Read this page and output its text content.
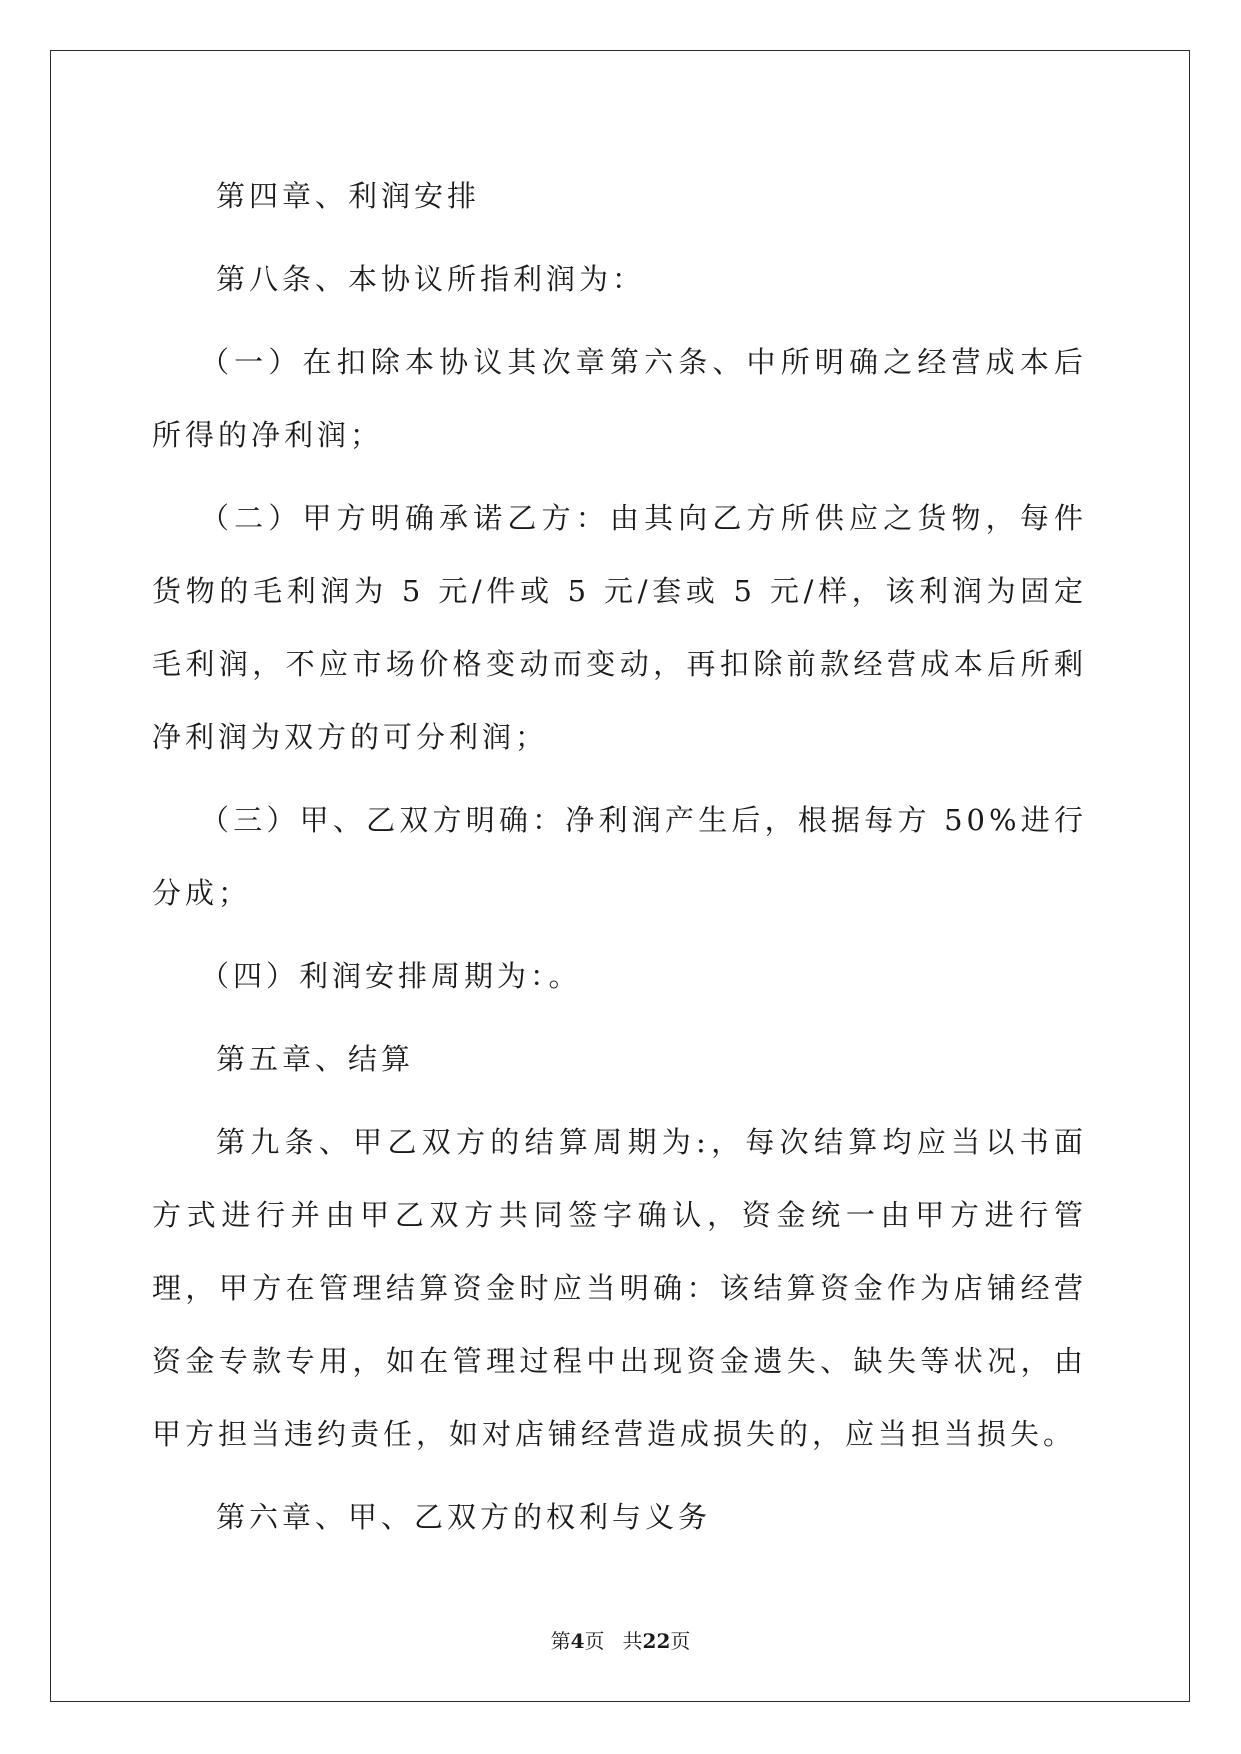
第四章、利润安排

第八条、本协议所指利润为：

（一）在扣除本协议其次章第六条、中所明确之经营成本后所得的净利润；

（二）甲方明确承诺乙方：由其向乙方所供应之货物，每件货物的毛利润为 5 元/件或 5 元/套或 5 元/样，该利润为固定毛利润，不应市场价格变动而变动，再扣除前款经营成本后所剩净利润为双方的可分利润；

（三）甲、乙双方明确：净利润产生后，根据每方 50%进行分成；

（四）利润安排周期为：。

第五章、结算

第九条、甲乙双方的结算周期为:，每次结算均应当以书面方式进行并由甲乙双方共同签字确认，资金统一由甲方进行管理，甲方在管理结算资金时应当明确：该结算资金作为店铺经营资金专款专用，如在管理过程中出现资金遗失、缺失等状况，由甲方担当违约责任，如对店铺经营造成损失的，应当担当损失。

第六章、甲、乙双方的权利与义务

第4页 共22页
